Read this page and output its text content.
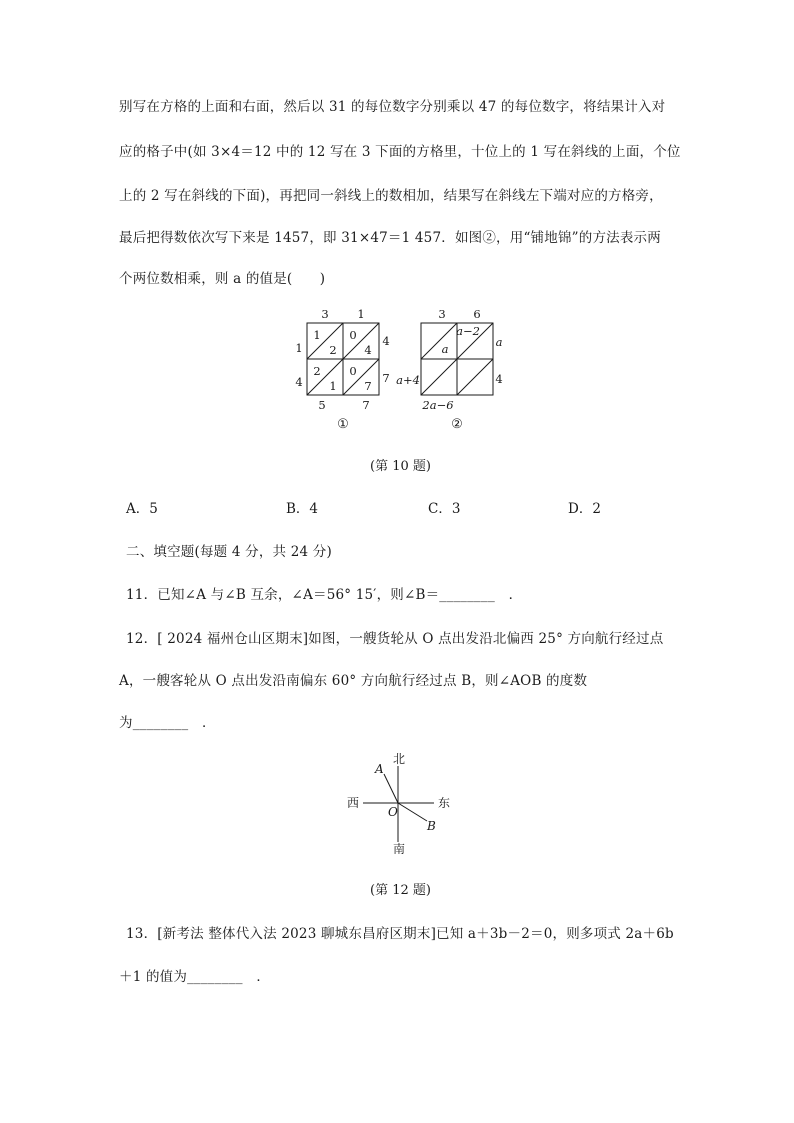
别写在方格的上面和右面，然后以 31 的每位数字分别乘以 47 的每位数字，将结果计入对
应的格子中(如 3×4＝12 中的 12 写在 3 下面的方格里，十位上的 1 写在斜线的上面，个位
上的 2 写在斜线的下面)，再把同一斜线上的数相加，结果写在斜线左下端对应的方格旁，
最后把得数依次写下来是 1457，即 31×47＝1 457．如图②，用“铺地锦”的方法表示两
个两位数相乘，则 a 的值是(　　)
3 1
1
4
4
7
5	7
1
2
0
4
2
1
0
7
①
3 6
a−2
a	a
4
a+4
2a−6
②
(第 10 题)
A．5	B．4	C．3	D．2
二、填空题(每题 4 分，共 24 分)
11．已知∠A 与∠B 互余，∠A＝56° 15′，则∠B＝________　．
12．[ 2024 福州仓山区期末]如图，一艘货轮从 O 点出发沿北偏西 25° 方向航行经过点
A，一艘客轮从 O 点出发沿南偏东 60° 方向航行经过点 B，则∠AOB 的度数
为________　．
北
南
西	东
A
B
O
(第 12 题)
13．[新考法 整体代入法 2023 聊城东昌府区期末]已知 a＋3b－2＝0，则多项式 2a＋6b
＋1 的值为________　．
